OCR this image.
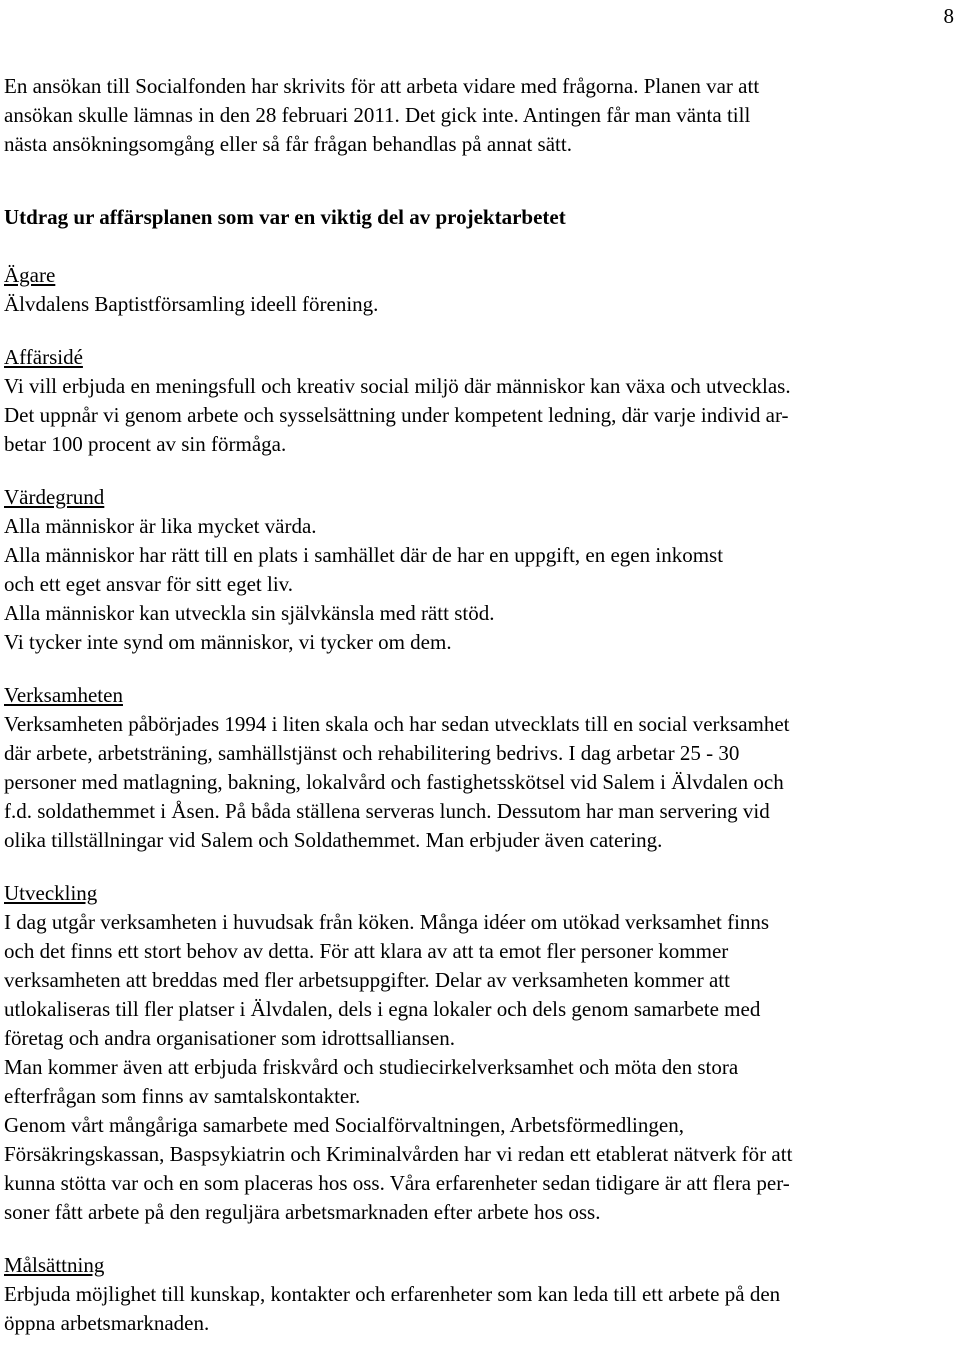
8

En ansökan till Socialfonden har skrivits för att arbeta vidare med frågorna. Planen var att
ansökan skulle lämnas in den 28 februari 2011. Det gick inte. Antingen får man vänta till
nästa ansökningsomgång eller så får frågan behandlas på annat sätt.

Utdrag ur affärsplanen som var en viktig del av projektarbetet

Ägare

Älvdalens Baptistförsamling ideell förening.

Affärsidé

Vi vill erbjuda en meningsfull och kreativ social miljö där människor kan växa och utvecklas.
Det uppnår vi genom arbete och sysselsättning under kompetent ledning, där varje individ ar-
betar 100 procent av sin förmåga.

Värdegrund

Alla människor är lika mycket värda.
Alla människor har rätt till en plats i samhället där de har en uppgift, en egen inkomst
och ett eget ansvar för sitt eget liv.
Alla människor kan utveckla sin självkänsla med rätt stöd.
Vi tycker inte synd om människor, vi tycker om dem.

Verksamheten

Verksamheten påbörjades 1994 i liten skala och har sedan utvecklats till en social verksamhet
där arbete, arbetsträning, samhällstjänst och rehabilitering bedrivs. I dag arbetar 25 - 30
personer med matlagning, bakning, lokalvård och fastighetsskötsel vid Salem i Älvdalen och
f.d. soldathemmet i Åsen. På båda ställena serveras lunch. Dessutom har man servering vid
olika tillställningar vid Salem och Soldathemmet. Man erbjuder även catering.

Utveckling

I dag utgår verksamheten i huvudsak från köken. Många idéer om utökad verksamhet finns
och det finns ett stort behov av detta. För att klara av att ta emot fler personer kommer
verksamheten att breddas med fler arbetsuppgifter. Delar av verksamheten kommer att
utlokaliseras till fler platser i Älvdalen, dels i egna lokaler och dels genom samarbete med
företag och andra organisationer som idrottsalliansen.
Man kommer även att erbjuda friskvård och studiecirkelverksamhet och möta den stora
efterfrågan som finns av samtalskontakter.
Genom vårt mångåriga samarbete med Socialförvaltningen, Arbetsförmedlingen,
Försäkringskassan, Baspsykiatrin och Kriminalvården har vi redan ett etablerat nätverk för att
kunna stötta var och en som placeras hos oss. Våra erfarenheter sedan tidigare är att flera per-
soner fått arbete på den reguljära arbetsmarknaden efter arbete hos oss.

Målsättning

Erbjuda möjlighet till kunskap, kontakter och erfarenheter som kan leda till ett arbete på den
öppna arbetsmarknaden.
